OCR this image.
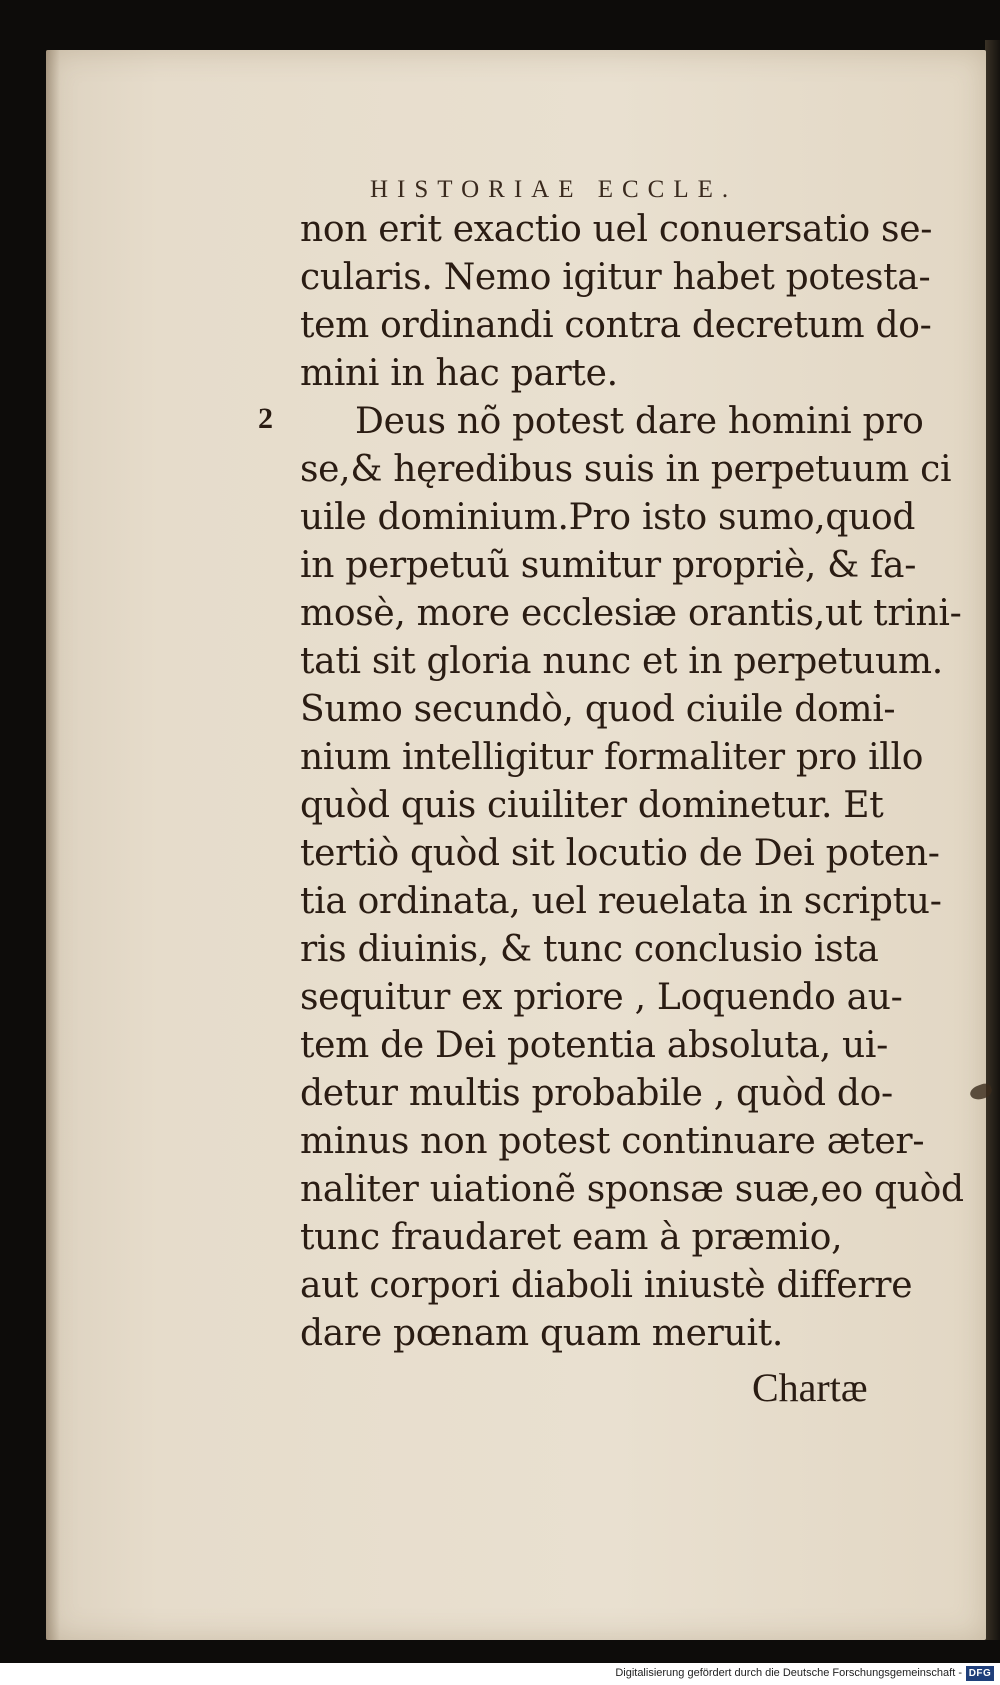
HISTORIAE ECCLE.
2
non erit exactio uel conuersatio se-
cularis. Nemo igitur habet potesta-
tem ordinandi contra decretum do-
mini in hac parte.
Deus nõ potest dare homini pro
se,& hęredibus suis in perpetuum ci
uile dominium.Pro isto sumo,quod
in perpetuũ sumitur propriè, & fa-
mosè, more ecclesiæ orantis,ut trini-
tati sit gloria nunc et in perpetuum.
Sumo secundò, quod ciuile domi-
nium intelligitur formaliter pro illo
quòd quis ciuiliter dominetur. Et
tertiò quòd sit locutio de Dei poten-
tia ordinata, uel reuelata in scriptu-
ris diuinis, & tunc conclusio ista
sequitur ex priore , Loquendo au-
tem de Dei potentia absoluta, ui-
detur multis probabile , quòd do-
minus non potest continuare æter-
naliter uiationẽ sponsæ suæ,eo quòd
tunc fraudaret eam à præmio,
aut corpori diaboli iniustè differre
dare pœnam quam meruit.
Chartæ
Digitalisierung gefördert durch die Deutsche Forschungsgemeinschaft - DFG
